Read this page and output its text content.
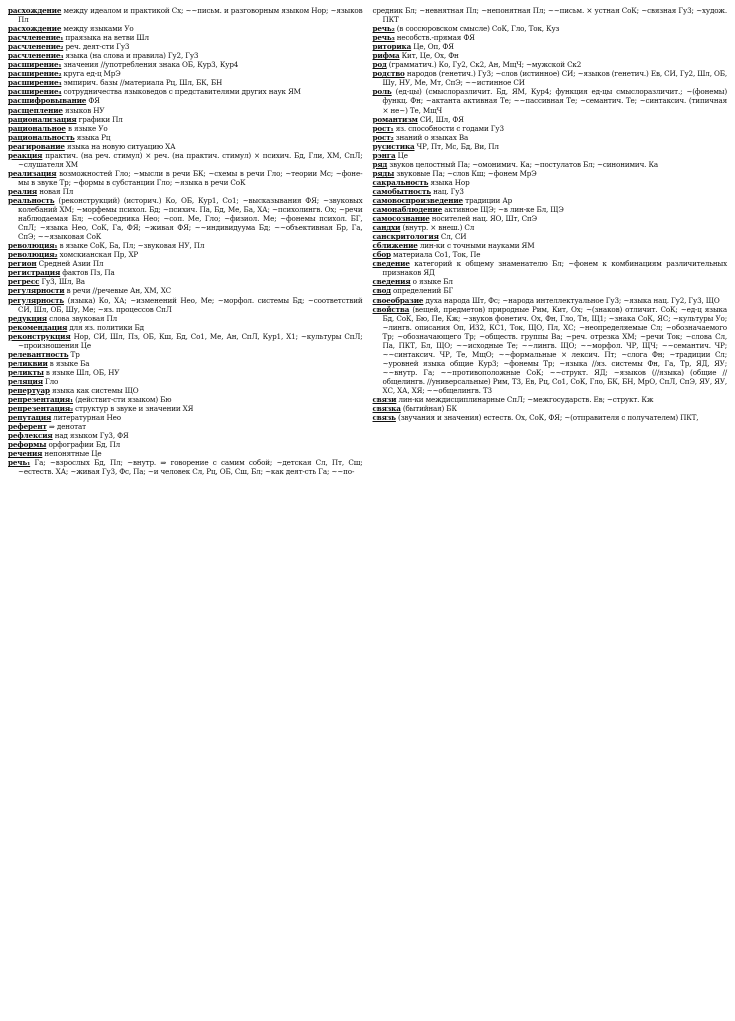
расхождение между идеалом и практикой Сх; ~~письм. и разговорным языком Нор; ~языков Пл

расхождение между языками Уо

расчленение₁ праязыка на ветви Шл

расчленение₂ реч. деят-сти Гу3

расчленение₃ языка (на слова и правила) Гу2, Гу3

расширение₁ значения //употребления знака ОБ, Кур3, Кур4

расширение₂ круга ед-ц МрЭ

расширение₃ эмпирич. базы //материала Рц, Шл, БК, БН

расширение₄ сотрудничества языковедов с представителями других наук ЯМ

расшифровывание ФЯ

расщепление языков НУ

рационализация графики Пл

рациональное в языке Уо

рациональность языка Рц

реагирование языка на новую ситуацию ХА

реакция практич. (на реч. стимул) × реч. (на практич. стимул) × психич. Бд, Гли, ХМ, СпЛ; ~слушателя ХМ

реализация возможностей Гло; ~мысли в речи БК; ~схемы в речи Гло; ~теории Мс; ~фонемы в звуке Тр; ~формы в субстанции Гло; ~языка в речи СоК

реалия новая Пл

реальность (реконструкций) (историч.) Ко, ОБ, Кур1, Со1; ~высказывания ФЯ; ~звуковых колебаний ХМ; ~морфемы психол. Бд; ~психич. Па, Бд, Ме, Ба, ХА; ~психолингв. Ох; ~речи наблюдаемая Бл; ~собеседника Нео; ~соп. Ме, Гло; ~физиол. Ме; ~фонемы психол. БГ, СпЛ; ~языка Нео, СоК, Га, ФЯ; ~живая ФЯ; ~~индивидуума Бд; ~~объективная Бр, Га, СпЭ; ~~языковая СоК

революция₁ в языке СоК, Ба, Пл; ~звуковая НУ, Пл

революция₂ хомскианская Пр, ХР

регион Средней Азии Пл

регистрация фактов Пз, Па

регресс Гу3, Шл, Ва

регулярности в речи //речевые Ан, ХМ, ХС

регулярность (языка) Ко, ХА; ~изменений Нео, Ме; ~морфол. системы Бд; ~соответствий СИ, Шл, ОБ, Шу, Ме; ~яз. процессов СпЛ

редукция слова звуковая Пл

рекомендация для яз. политики Бд

реконструкция Нор, СИ, Шл, Пз, ОБ, Кш, Бд, Со1, Ме, Ан, СпЛ, Кур1, Х1; ~культуры СпЛ; ~произношения Це

релевантность Тр

реликвии в языке Ба

реликты в языке Шл, ОБ, НУ

реляция Гло

репертуар языка как системы ЩО

репрезентация₁ (действит-сти языком) Бю

репрезентация₂ структур в звуке и значении ХЯ

репутация литературная Нео

референт ⇒ денотат

рефлексия над языком Гу3, ФЯ

реформы орфографии Бд, Пл

речения непонятные Це

речь₁ Га; ~взрослых Бд, Пл; ~внутр. ⇒ говорение с самим собой; ~детская Сл, Пт, Сш; ~естеств. ХА; ~живая Гу3, Фс, Па; ~и человек Сл, Рц, ОБ, Сш, Бл; ~как деят-сть Га; ~~по-

средник Бл; ~невнятная Пл; ~непонятная Пл; ~~письм. × устная СоК; ~связная Гу3; ~худож. ПКТ

речь₂ (в соссюровском смысле) СоК, Гло, Ток, Куз

речь₃ несобств.-прямая ФЯ

риторика Це, Оп, ФЯ

рифма Кит, Це, Ох, Фн

род (грамматич.) Ко, Гу2, Ск2, Ан, МщЧ; ~мужской Ск2

родство народов (генетич.) Гу3; ~слов (истинное) СИ; ~языков (генетич.) Ев, СИ, Гу2, Шл, ОБ, Шу, НУ, Ме, Мт, СпЭ; ~~истинное СИ

роль (ед-цы) (смыслоразличит. Бд, ЯМ, Кур4; функция ед-цы смыслоразличит.; ~(фонемы) функц. Фн; ~актанта активная Те; ~~пассивная Те; ~семантич. Те; ~синтаксич. (типичная × не~) Те, МщЧ

романтизм СИ, Шл, ФЯ

рост₁ яз. способности с годами Гу3

рост₂ знаний о языках Ва

русистика ЧР, Пт, Мс, Бд, Ви, Пл

рэнга Це

ряд звуков целостный Па; ~омонимич. Ка; ~постулатов Бл; ~синонимич. Ка

ряды звуковые Па; ~слов Кш; ~фонем МрЭ

сакральность языка Нор

самобытность нац. Гу3

самовоспроизведение традиции Ар

самонаблюдение активное ЩЭ; ~в лин-ке Бл, ЩЭ

самосознание носителей нац. ЯО, Шт, СпЭ

сандхи (внутр. × внеш.) Сл

санскритология Сл, СИ

сближение лин-ки с точными науками ЯМ

сбор материала Со1, Ток, Пе

сведение категорий к общему знаменателю Бл; ~фонем к комбинациям различительных признаков ЯД

сведения о языке Бл

свод определений БГ

своеобразие духа народа Шт, Фс; ~народа интеллектуальное Гу3; ~языка нац. Гу2, Гу3, ЩО

свойства (вещей, предметов) природные Рим, Кит, Ох; ~(знаков) отличит. СоК; ~ед-ц языка Бд, СоК, Бю, Пе, Кж; ~звуков фонетич. Ох, Фн, Гло, Тн, Щ1; ~знака СоК, ЯС; ~культуры Уо; ~лингв. описания Оп, И32, КС1, Ток, ЩО, Пл, ХС; ~неопределяемые Сл; ~обозначаемого Тр; ~обозначающего Тр; ~обществ. группы Ва; ~реч. отрезка ХМ; ~речи Ток; ~слова Сл, Па, ПКТ, Бл, ЩО; ~~исходные Те; ~~лингв. ЩО; ~~морфол. ЧР, ЩЧ; ~~семантич. ЧР; ~~синтаксич. ЧР, Те, МщО; ~~формальные × лексич. Пт; ~слога Фн; ~традиции Сл; ~уровней языка общие Кур3; ~фонемы Тр; ~языка //яз. системы Фн, Га, Тр, ЯД, ЯУ; ~~внутр. Га; ~~противоположные СоК; ~~структ. ЯД; ~языков (//языка) (общие //общелингв. //универсальные) Рим, Т3, Ев, Рц, Со1, СоК, Гло, БК, БН, МрО, СпЛ, СпЭ, ЯУ, ЯУ, ХС, ХА, ХЯ; ~~общелингв. Т3

связи лин-ки междисциплинарные СпЛ; ~межгосударств. Ев; ~структ. Кж

связка (бытийная) БК

связь (звучания и значения) естеств. Ох, СоК, ФЯ; ~(отправителя с получателем) ПКТ,
